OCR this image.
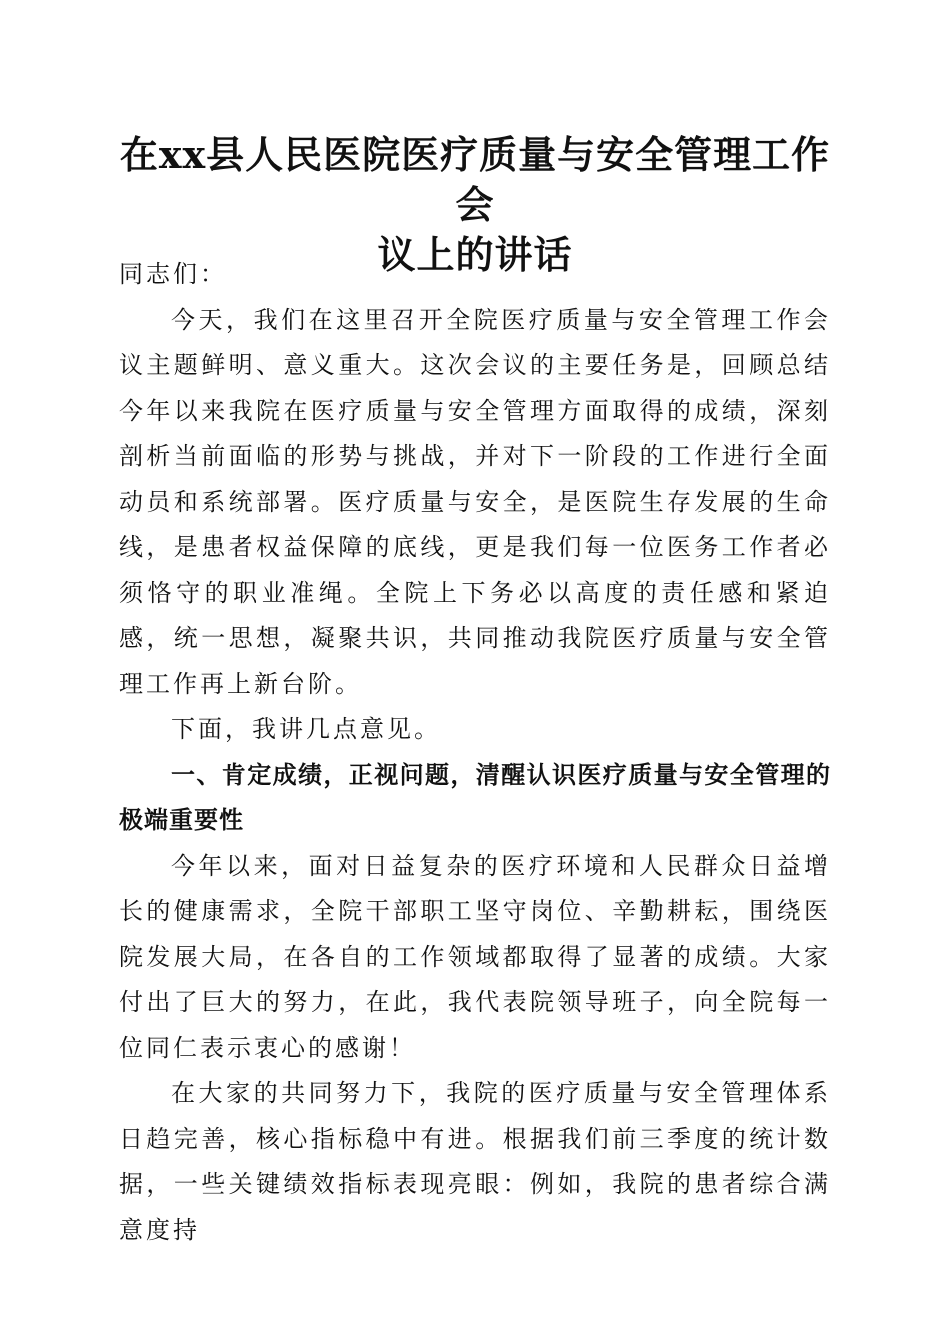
在xx县人民医院医疗质量与安全管理工作会
议上的讲话

同志们：

今天，我们在这里召开全院医疗质量与安全管理工作会议主题鲜明、意义重大。这次会议的主要任务是，回顾总结今年以来我院在医疗质量与安全管理方面取得的成绩，深刻剖析当前面临的形势与挑战，并对下一阶段的工作进行全面动员和系统部署。医疗质量与安全，是医院生存发展的生命线，是患者权益保障的底线，更是我们每一位医务工作者必须恪守的职业准绳。全院上下务必以高度的责任感和紧迫感，统一思想，凝聚共识，共同推动我院医疗质量与安全管理工作再上新台阶。

下面，我讲几点意见。

一、肯定成绩，正视问题，清醒认识医疗质量与安全管理的极端重要性

今年以来，面对日益复杂的医疗环境和人民群众日益增长的健康需求，全院干部职工坚守岗位、辛勤耕耘，围绕医院发展大局，在各自的工作领域都取得了显著的成绩。大家付出了巨大的努力，在此，我代表院领导班子，向全院每一位同仁表示衷心的感谢！

在大家的共同努力下，我院的医疗质量与安全管理体系日趋完善，核心指标稳中有进。根据我们前三季度的统计数据，一些关键绩效指标表现亮眼：例如，我院的患者综合满意度持
